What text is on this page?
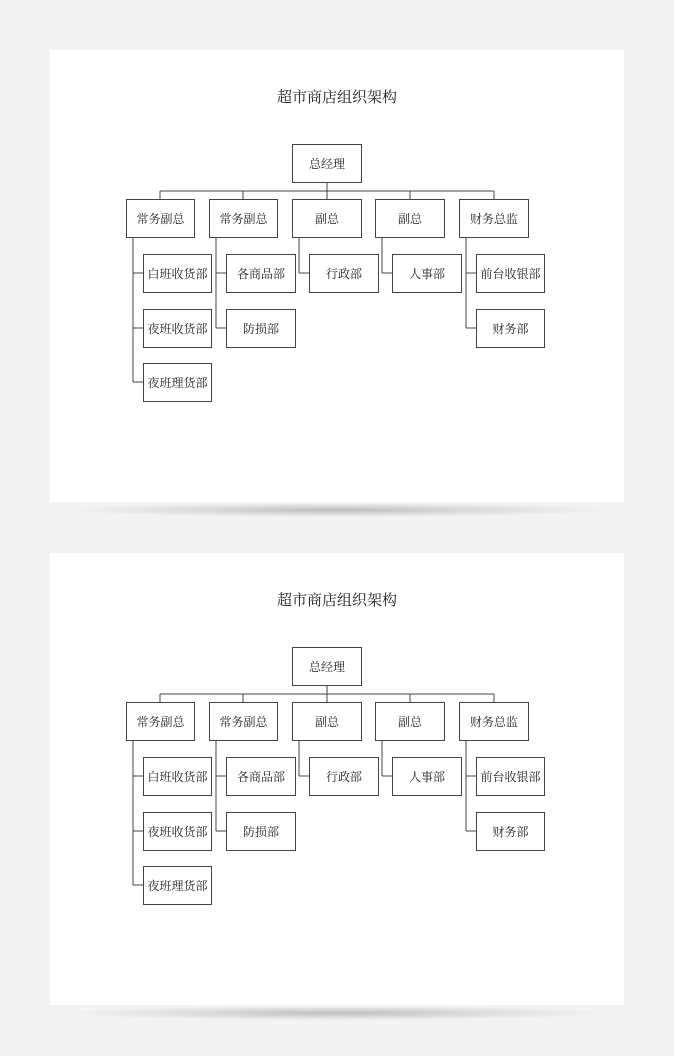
超市商店组织架构
总经理
常务副总	常务副总	副总	副总	财务总监
白班收货部
夜班收货部
夜班理货部
各商品部
防损部
行政部	人事部	前台收银部
财务部
超市商店组织架构
总经理
常务副总	常务副总	副总	副总	财务总监
白班收货部
夜班收货部
夜班理货部
各商品部
防损部
行政部	人事部	前台收银部
财务部
